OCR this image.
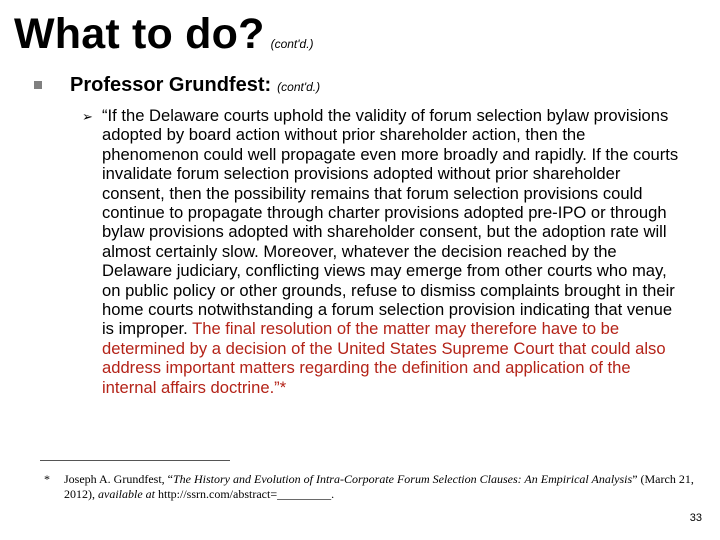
What to do? (cont'd.)
Professor Grundfest: (cont'd.)
➢ “If the Delaware courts uphold the validity of forum selection bylaw provisions adopted by board action without prior shareholder action, then the phenomenon could well propagate even more broadly and rapidly. If the courts invalidate forum selection provisions adopted without prior shareholder consent, then the possibility remains that forum selection provisions could continue to propagate through charter provisions adopted pre-IPO or through bylaw provisions adopted with shareholder consent, but the adoption rate will almost certainly slow. Moreover, whatever the decision reached by the Delaware judiciary, conflicting views may emerge from other courts who may, on public policy or other grounds, refuse to dismiss complaints brought in their home courts notwithstanding a forum selection provision indicating that venue is improper. The final resolution of the matter may therefore have to be determined by a decision of the United States Supreme Court that could also address important matters regarding the definition and application of the internal affairs doctrine.”*
*	Joseph A. Grundfest, “The History and Evolution of Intra-Corporate Forum Selection Clauses: An Empirical Analysis” (March 21, 2012), available at http://ssrn.com/abstract=_________.
33
